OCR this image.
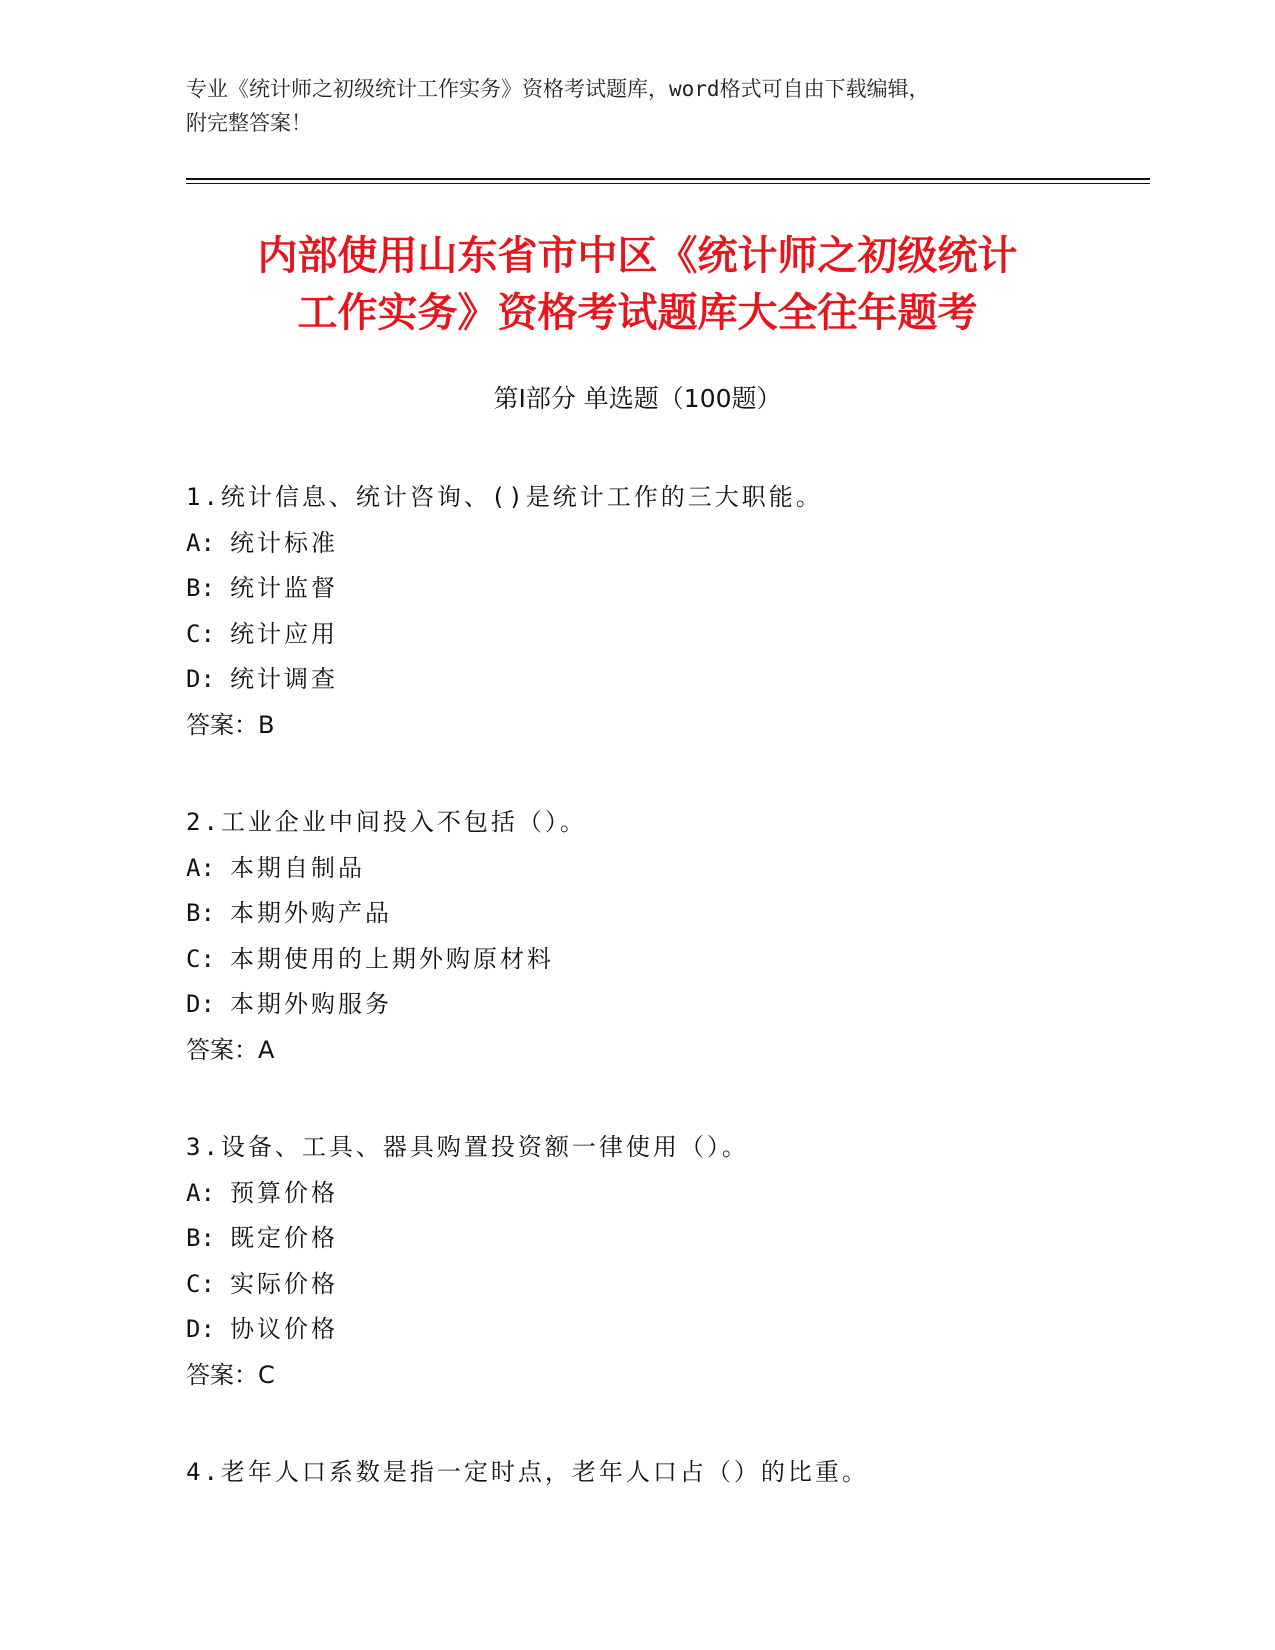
专业《统计师之初级统计工作实务》资格考试题库，word格式可自由下载编辑，
附完整答案！
内部使用山东省市中区《统计师之初级统计
工作实务》资格考试题库大全往年题考
第Ⅰ部分 单选题（100题）
1.统计信息、统计咨询、()是统计工作的三大职能。
A: 统计标准
B: 统计监督
C: 统计应用
D: 统计调查
答案：B
2.工业企业中间投入不包括（）。
A: 本期自制品
B: 本期外购产品
C: 本期使用的上期外购原材料
D: 本期外购服务
答案：A
3.设备、工具、器具购置投资额一律使用（）。
A: 预算价格
B: 既定价格
C: 实际价格
D: 协议价格
答案：C
4.老年人口系数是指一定时点，老年人口占（）的比重。
